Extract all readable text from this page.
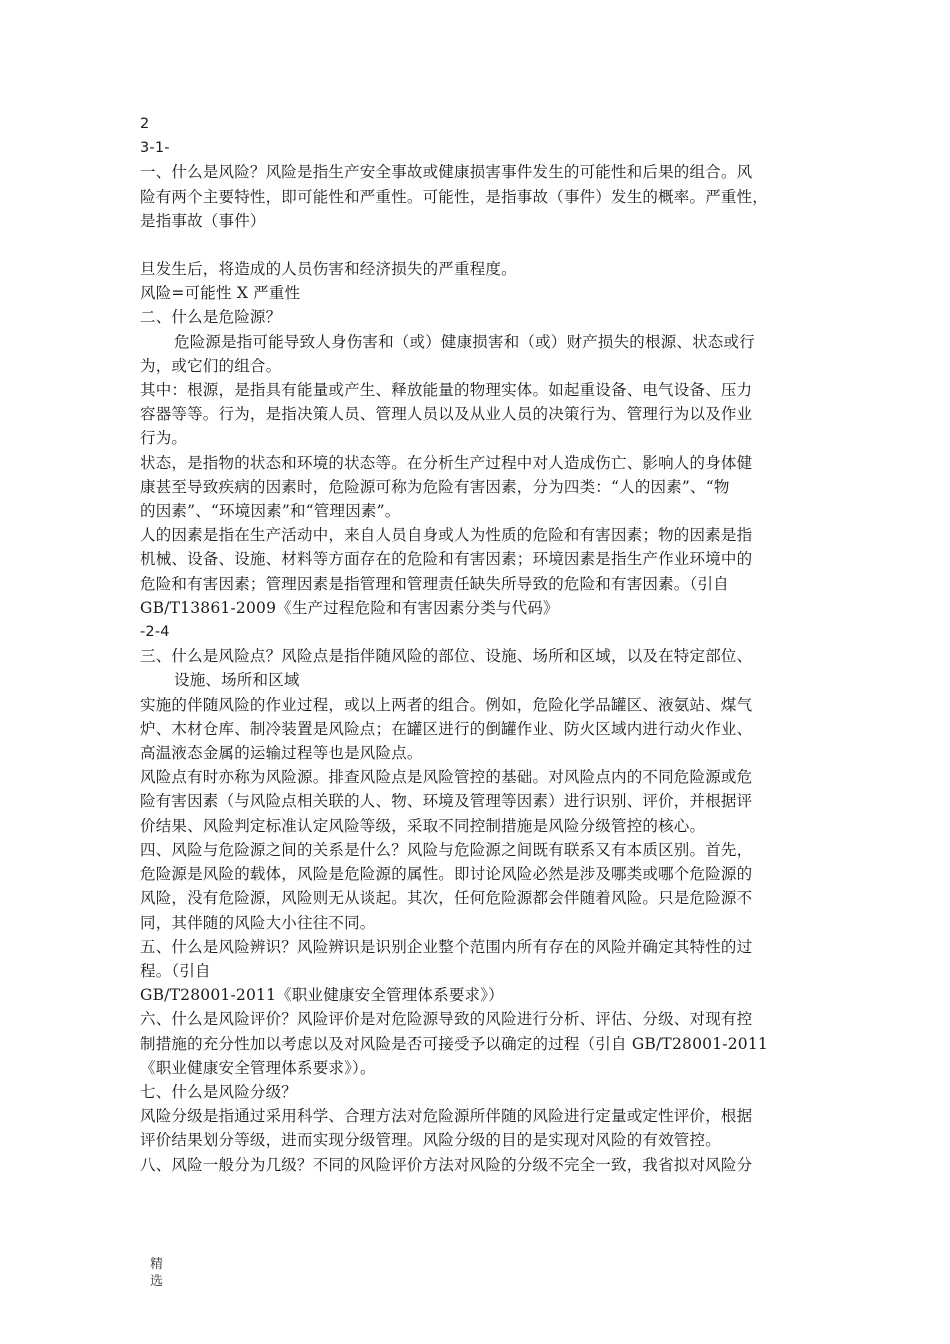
2
3-1-
一、什么是风险？风险是指生产安全事故或健康损害事件发生的可能性和后果的组合。风
险有两个主要特性，即可能性和严重性。可能性，是指事故（事件）发生的概率。严重性，
是指事故（事件）
旦发生后，将造成的人员伤害和经济损失的严重程度。
风险=可能性 X 严重性
二、什么是危险源？
危险源是指可能导致人身伤害和（或）健康损害和（或）财产损失的根源、状态或行
为，或它们的组合。
其中：根源，是指具有能量或产生、释放能量的物理实体。如起重设备、电气设备、压力
容器等等。行为，是指决策人员、管理人员以及从业人员的决策行为、管理行为以及作业
行为。
状态，是指物的状态和环境的状态等。在分析生产过程中对人造成伤亡、影响人的身体健
康甚至导致疾病的因素时，危险源可称为危险有害因素，分为四类：“人的因素”、“物
的因素”、“环境因素”和“管理因素”。
人的因素是指在生产活动中，来自人员自身或人为性质的危险和有害因素；物的因素是指
机械、设备、设施、材料等方面存在的危险和有害因素；环境因素是指生产作业环境中的
危险和有害因素；管理因素是指管理和管理责任缺失所导致的危险和有害因素。（引自
GB/T13861-2009《生产过程危险和有害因素分类与代码》
-2-4
三、什么是风险点？风险点是指伴随风险的部位、设施、场所和区域，以及在特定部位、
设施、场所和区域
实施的伴随风险的作业过程，或以上两者的组合。例如，危险化学品罐区、液氨站、煤气
炉、木材仓库、制冷装置是风险点；在罐区进行的倒罐作业、防火区域内进行动火作业、
高温液态金属的运输过程等也是风险点。
风险点有时亦称为风险源。排查风险点是风险管控的基础。对风险点内的不同危险源或危
险有害因素（与风险点相关联的人、物、环境及管理等因素）进行识别、评价，并根据评
价结果、风险判定标准认定风险等级，采取不同控制措施是风险分级管控的核心。
四、风险与危险源之间的关系是什么？风险与危险源之间既有联系又有本质区别。首先，
危险源是风险的载体，风险是危险源的属性。即讨论风险必然是涉及哪类或哪个危险源的
风险，没有危险源，风险则无从谈起。其次，任何危险源都会伴随着风险。只是危险源不
同，其伴随的风险大小往往不同。
五、什么是风险辨识？风险辨识是识别企业整个范围内所有存在的风险并确定其特性的过
程。（引自
GB/T28001-2011《职业健康安全管理体系要求》）
六、什么是风险评价？风险评价是对危险源导致的风险进行分析、评估、分级、对现有控
制措施的充分性加以考虑以及对风险是否可接受予以确定的过程（引自 GB/T28001-2011
《职业健康安全管理体系要求》）。
七、什么是风险分级？
风险分级是指通过采用科学、合理方法对危险源所伴随的风险进行定量或定性评价，根据
评价结果划分等级，进而实现分级管理。风险分级的目的是实现对风险的有效管控。
八、风险一般分为几级？不同的风险评价方法对风险的分级不完全一致，我省拟对风险分
精
选
